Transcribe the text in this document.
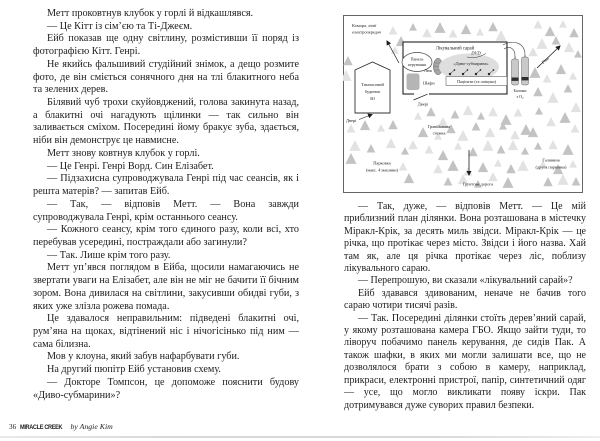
Метт проковтнув клубок у горлі й відкашлявся.

— Це Кітт із сім’єю та Ті-Джеєм.

Ейб показав ще одну світлину, розмістивши її поряд із фотографією Кітт. Генрі.

Не якийсь фальшивий студійний знімок, а дещо розмите фото, де він сміється сонячного дня на тлі блакитного неба та зелених дерев.

Білявий чуб трохи скуйовджений, голова закинута назад, а блакитні очі нагадують щілинки — так сильно він заливається сміхом. Посередині йому бракує зуба, здається, ніби він демонструє це навмисне.

Метт знову ковтнув клубок у горлі.

— Це Генрі. Генрі Ворд. Син Елізабет.

— Підзахисна супроводжувала Генрі під час сеансів, як і решта матерів? — запитав Ейб.

— Так, — відповів Метт. — Вона завжди супроводжувала Генрі, крім останнього сеансу.

— Кожного сеансу, крім того єдиного разу, коли всі, хто перебував усередині, постраждали або загинули?

— Так. Лише крім того разу.

Метт уп’явся поглядом в Ейба, щосили намагаючись не звертати уваги на Елізабет, але він не міг не бачити її бічним зором. Вона дивилася на світлини, закусивши обидві губи, з яких уже злізла рожева помада.

Це здавалося неправильним: підведені блакитні очі, рум’яна на щоках, відтінений ніс і нічогісінько під ним — сама білизна.

Мов у клоуна, який забув нафарбувати губи.

На другий пюпітр Ейб установив схему.

— Докторе Томпсон, це допоможе пояснити будову «Диво-субмарини»?

36 MIRACLE CREEK by Angie Kim

— Так, дуже, — відповів Метт. — Це мій приблизний план ділянки. Вона розташована в містечку Міракл-Крік, за десять миль звідси. Міракл-Крік — це річка, що протікає через місто. Звідси і його назва. Хай там як, але ця річка протікає через ліс, поблизу лікувального сараю.

— Перепрошую, ви сказали «лікувальний сарай»?

Ейб здавався здивованим, неначе не бачив того сараю чотири тисячі разів.

— Так. Посередині ділянки стоїть дерев’яний сарай, у якому розташована камера ГБО. Якщо зайти туди, то ліворуч побачимо панель керування, де сидів Пак. А також шафки, в яких ми могли залишати все, що не дозволялося брати з собою в камеру, наприклад, прикраси, електронні пристрої, папір, синтетичний одяг — усе, що могло викликати появу іскри. Пак дотримувався дуже суворих правил безпеки.

Комора, лінії
електропередач
Тимчасовий
будинок
Ю
Двері
Лікувальний сарай
Панель
керування
Шафи
Люк
«Диво-субмарина»
DVD
Пацієнти (та опікуни)
Двері
Балони
з О₂
Ріка
Гравійована
стежка
Ґрунтова дорога
Парковка
(макс. 4 машини)
Галявина
(друга парковка)
